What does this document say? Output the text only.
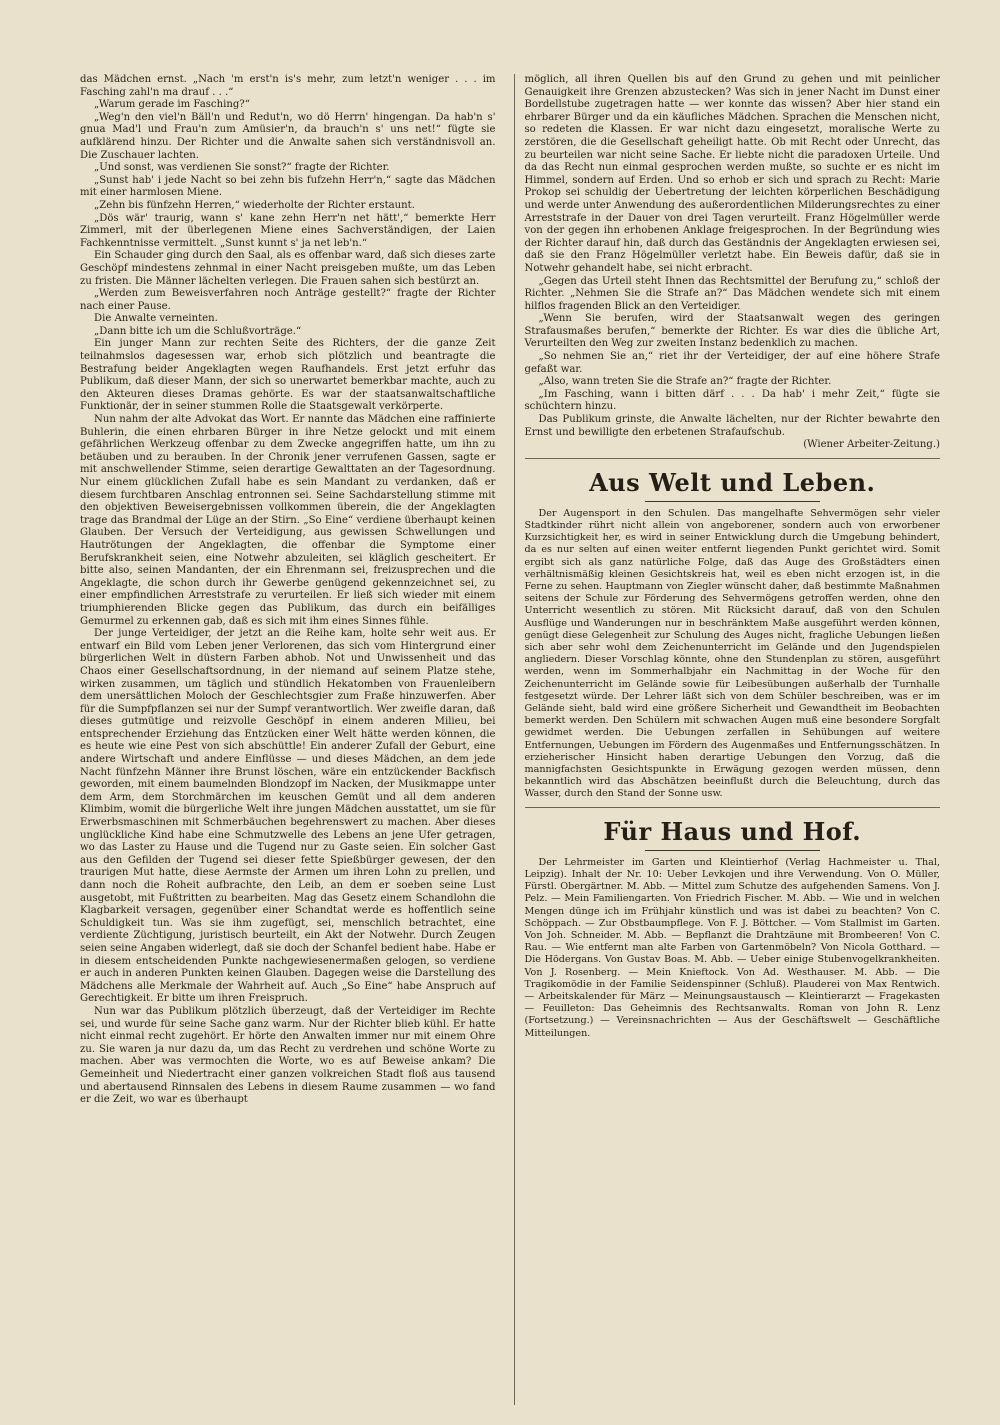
das Mädchen ernst. „Nach 'm erst'n is's mehr, zum letzt'n weniger . . . im Fasching zahl'n ma drauf . . .“

„Warum gerade im Fasching?“

„Weg'n den viel'n Bäll'n und Redut'n, wo dö Herrn' hingengan. Da hab'n s' gnua Mad'l und Frau'n zum Amüsier'n, da brauch'n s' uns net!“ fügte sie aufklärend hinzu. Der Richter und die Anwalte sahen sich verständnisvoll an. Die Zuschauer lachten.

„Und sonst, was verdienen Sie sonst?“ fragte der Richter.

„Sunst hab' i jede Nacht so bei zehn bis fufzehn Herr'n,“ sagte das Mädchen mit einer harmlosen Miene.

„Zehn bis fünfzehn Herren,“ wiederholte der Richter erstaunt.

„Dös wär' traurig, wann s' kane zehn Herr'n net hätt',“ bemerkte Herr Zimmerl, mit der überlegenen Miene eines Sachverständigen, der Laien Fachkenntnisse vermittelt. „Sunst kunnt s' ja net leb'n.“

Ein Schauder ging durch den Saal, als es offenbar ward, daß sich dieses zarte Geschöpf mindestens zehnmal in einer Nacht preisgeben mußte, um das Leben zu fristen. Die Männer lächelten verlegen. Die Frauen sahen sich bestürzt an.

„Werden zum Beweisverfahren noch Anträge gestellt?“ fragte der Richter nach einer Pause.

Die Anwalte verneinten.

„Dann bitte ich um die Schlußvorträge.“

Ein junger Mann zur rechten Seite des Richters, der die ganze Zeit teilnahmslos dagesessen war, erhob sich plötzlich und beantragte die Bestrafung beider Angeklagten wegen Raufhandels. Erst jetzt erfuhr das Publikum, daß dieser Mann, der sich so unerwartet bemerkbar machte, auch zu den Akteuren dieses Dramas gehörte. Es war der staatsanwaltschaftliche Funktionär, der in seiner stummen Rolle die Staatsgewalt verkörperte.

Nun nahm der alte Advokat das Wort. Er nannte das Mädchen eine raffinierte Buhlerin, die einen ehrbaren Bürger in ihre Netze gelockt und mit einem gefährlichen Werkzeug offenbar zu dem Zwecke angegriffen hatte, um ihn zu betäuben und zu berauben. In der Chronik jener verrufenen Gassen, sagte er mit anschwellender Stimme, seien derartige Gewalttaten an der Tagesordnung. Nur einem glücklichen Zufall habe es sein Mandant zu verdanken, daß er diesem furchtbaren Anschlag entronnen sei. Seine Sachdarstellung stimme mit den objektiven Beweisergebnissen vollkommen überein, die der Angeklagten trage das Brandmal der Lüge an der Stirn. „So Eine“ verdiene überhaupt keinen Glauben. Der Versuch der Verteidigung, aus gewissen Schwellungen und Hautrötungen der Angeklagten, die offenbar die Symptome einer Berufskrankheit seien, eine Notwehr abzuleiten, sei kläglich gescheitert. Er bitte also, seinen Mandanten, der ein Ehrenmann sei, freizusprechen und die Angeklagte, die schon durch ihr Gewerbe genügend gekennzeichnet sei, zu einer empfindlichen Arreststrafe zu verurteilen. Er ließ sich wieder mit einem triumphierenden Blicke gegen das Publikum, das durch ein beifälliges Gemurmel zu erkennen gab, daß es sich mit ihm eines Sinnes fühle.

Der junge Verteidiger, der jetzt an die Reihe kam, holte sehr weit aus. Er entwarf ein Bild vom Leben jener Verlorenen, das sich vom Hintergrund einer bürgerlichen Welt in düstern Farben abhob. Not und Unwissenheit und das Chaos einer Gesellschaftsordnung, in der niemand auf seinem Platze stehe, wirken zusammen, um täglich und stündlich Hekatomben von Frauenleibern dem unersättlichen Moloch der Geschlechtsgier zum Fraße hinzuwerfen. Aber für die Sumpfpflanzen sei nur der Sumpf verantwortlich. Wer zweifle daran, daß dieses gutmütige und reizvolle Geschöpf in einem anderen Milieu, bei entsprechender Erziehung das Entzücken einer Welt hätte werden können, die es heute wie eine Pest von sich abschüttle! Ein anderer Zufall der Geburt, eine andere Wirtschaft und andere Einflüsse — und dieses Mädchen, an dem jede Nacht fünfzehn Männer ihre Brunst löschen, wäre ein entzückender Backfisch geworden, mit einem baumelnden Blondzopf im Nacken, der Musikmappe unter dem Arm, dem Storchmärchen im keuschen Gemüt und all dem anderen Klimbim, womit die bürgerliche Welt ihre jungen Mädchen ausstattet, um sie für Erwerbsmaschinen mit Schmerbäuchen begehrenswert zu machen. Aber dieses unglückliche Kind habe eine Schmutzwelle des Lebens an jene Ufer getragen, wo das Laster zu Hause und die Tugend nur zu Gaste seien. Ein solcher Gast aus den Gefilden der Tugend sei dieser fette Spießbürger gewesen, der den traurigen Mut hatte, diese Aermste der Armen um ihren Lohn zu prellen, und dann noch die Roheit aufbrachte, den Leib, an dem er soeben seine Lust ausgetobt, mit Fußtritten zu bearbeiten. Mag das Gesetz einem Schandlohn die Klagbarkeit versagen, gegenüber einer Schandtat werde es hoffentlich seine Schuldigkeit tun. Was sie ihm zugefügt, sei, menschlich betrachtet, eine verdiente Züchtigung, juristisch beurteilt, ein Akt der Notwehr. Durch Zeugen seien seine Angaben widerlegt, daß sie doch der Schanfel bedient habe. Habe er in diesem entscheidenden Punkte nachgewiesenermaßen gelogen, so verdiene er auch in anderen Punkten keinen Glauben. Dagegen weise die Darstellung des Mädchens alle Merkmale der Wahrheit auf. Auch „So Eine“ habe Anspruch auf Gerechtigkeit. Er bitte um ihren Freispruch.

Nun war das Publikum plötzlich überzeugt, daß der Verteidiger im Rechte sei, und wurde für seine Sache ganz warm. Nur der Richter blieb kühl. Er hatte nicht einmal recht zugehört. Er hörte den Anwalten immer nur mit einem Ohre zu. Sie waren ja nur dazu da, um das Recht zu verdrehen und schöne Worte zu machen. Aber was vermochten die Worte, wo es auf Beweise ankam? Die Gemeinheit und Niedertracht einer ganzen volkreichen Stadt floß aus tausend und abertausend Rinnsalen des Lebens in diesem Raume zusammen — wo fand er die Zeit, wo war es überhaupt

möglich, all ihren Quellen bis auf den Grund zu gehen und mit peinlicher Genauigkeit ihre Grenzen abzustecken? Was sich in jener Nacht im Dunst einer Bordellstube zugetragen hatte — wer konnte das wissen? Aber hier stand ein ehrbarer Bürger und da ein käufliches Mädchen. Sprachen die Menschen nicht, so redeten die Klassen. Er war nicht dazu eingesetzt, moralische Werte zu zerstören, die die Gesellschaft geheiligt hatte. Ob mit Recht oder Unrecht, das zu beurteilen war nicht seine Sache. Er liebte nicht die paradoxen Urteile. Und da das Recht nun einmal gesprochen werden mußte, so suchte er es nicht im Himmel, sondern auf Erden. Und so erhob er sich und sprach zu Recht: Marie Prokop sei schuldig der Uebertretung der leichten körperlichen Beschädigung und werde unter Anwendung des außerordentlichen Milderungsrechtes zu einer Arreststrafe in der Dauer von drei Tagen verurteilt. Franz Högelmüller werde von der gegen ihn erhobenen Anklage freigesprochen. In der Begründung wies der Richter darauf hin, daß durch das Geständnis der Angeklagten erwiesen sei, daß sie den Franz Högelmüller verletzt habe. Ein Beweis dafür, daß sie in Notwehr gehandelt habe, sei nicht erbracht.

„Gegen das Urteil steht Ihnen das Rechtsmittel der Berufung zu,“ schloß der Richter. „Nehmen Sie die Strafe an?“ Das Mädchen wendete sich mit einem hilflos fragenden Blick an den Verteidiger.

„Wenn Sie berufen, wird der Staatsanwalt wegen des geringen Strafausmaßes berufen,“ bemerkte der Richter. Es war dies die übliche Art, Verurteilten den Weg zur zweiten Instanz bedenklich zu machen.

„So nehmen Sie an,“ riet ihr der Verteidiger, der auf eine höhere Strafe gefaßt war.

„Also, wann treten Sie die Strafe an?“ fragte der Richter.

„Im Fasching, wann i bitten därf . . . Da hab' i mehr Zeit,“ fügte sie schüchtern hinzu.

Das Publikum grinste, die Anwalte lächelten, nur der Richter bewahrte den Ernst und bewilligte den erbetenen Strafaufschub.

(Wiener Arbeiter-Zeitung.)

Aus Welt und Leben.

Der Augensport in den Schulen. Das mangelhafte Sehvermögen sehr vieler Stadtkinder rührt nicht allein von angeborener, sondern auch von erworbener Kurzsichtigkeit her, es wird in seiner Entwicklung durch die Umgebung behindert, da es nur selten auf einen weiter entfernt liegenden Punkt gerichtet wird. Somit ergibt sich als ganz natürliche Folge, daß das Auge des Großstädters einen verhältnismäßig kleinen Gesichtskreis hat, weil es eben nicht erzogen ist, in die Ferne zu sehen. Hauptmann von Ziegler wünscht daher, daß bestimmte Maßnahmen seitens der Schule zur Förderung des Sehvermögens getroffen werden, ohne den Unterricht wesentlich zu stören. Mit Rücksicht darauf, daß von den Schulen Ausflüge und Wanderungen nur in beschränktem Maße ausgeführt werden können, genügt diese Gelegenheit zur Schulung des Auges nicht, fragliche Uebungen ließen sich aber sehr wohl dem Zeichenunterricht im Gelände und den Jugendspielen angliedern. Dieser Vorschlag könnte, ohne den Stundenplan zu stören, ausgeführt werden, wenn im Sommerhalbjahr ein Nachmittag in der Woche für den Zeichenunterricht im Gelände sowie für Leibesübungen außerhalb der Turnhalle festgesetzt würde. Der Lehrer läßt sich von dem Schüler beschreiben, was er im Gelände sieht, bald wird eine größere Sicherheit und Gewandtheit im Beobachten bemerkt werden. Den Schülern mit schwachen Augen muß eine besondere Sorgfalt gewidmet werden. Die Uebungen zerfallen in Sehübungen auf weitere Entfernungen, Uebungen im Fördern des Augenmaßes und Entfernungsschätzen. In erzieherischer Hinsicht haben derartige Uebungen den Vorzug, daß die mannigfachsten Gesichtspunkte in Erwägung gezogen werden müssen, denn bekanntlich wird das Abschätzen beeinflußt durch die Beleuchtung, durch das Wasser, durch den Stand der Sonne usw.

Für Haus und Hof.

Der Lehrmeister im Garten und Kleintierhof (Verlag Hachmeister u. Thal, Leipzig). Inhalt der Nr. 10: Ueber Levkojen und ihre Verwendung. Von O. Müller, Fürstl. Obergärtner. M. Abb. — Mittel zum Schutze des aufgehenden Samens. Von J. Pelz. — Mein Familiengarten. Von Friedrich Fischer. M. Abb. — Wie und in welchen Mengen dünge ich im Frühjahr künstlich und was ist dabei zu beachten? Von C. Schöppach. — Zur Obstbaumpflege. Von F. J. Böttcher. — Vom Stallmist im Garten. Von Joh. Schneider. M. Abb. — Bepflanzt die Drahtzäune mit Brombeeren! Von C. Rau. — Wie entfernt man alte Farben von Gartenmöbeln? Von Nicola Gotthard. — Die Hödergans. Von Gustav Boas. M. Abb. — Ueber einige Stubenvogelkrankheiten. Von J. Rosenberg. — Mein Knieftock. Von Ad. Westhauser. M. Abb. — Die Tragikomödie in der Familie Seidenspinner (Schluß). Plauderei von Max Rentwich. — Arbeitskalender für März — Meinungsaustausch — Kleintierarzt — Fragekasten — Feuilleton: Das Geheimnis des Rechtsanwalts. Roman von John R. Lenz (Fortsetzung.) — Vereinsnachrichten — Aus der Geschäftswelt — Geschäftliche Mitteilungen.
